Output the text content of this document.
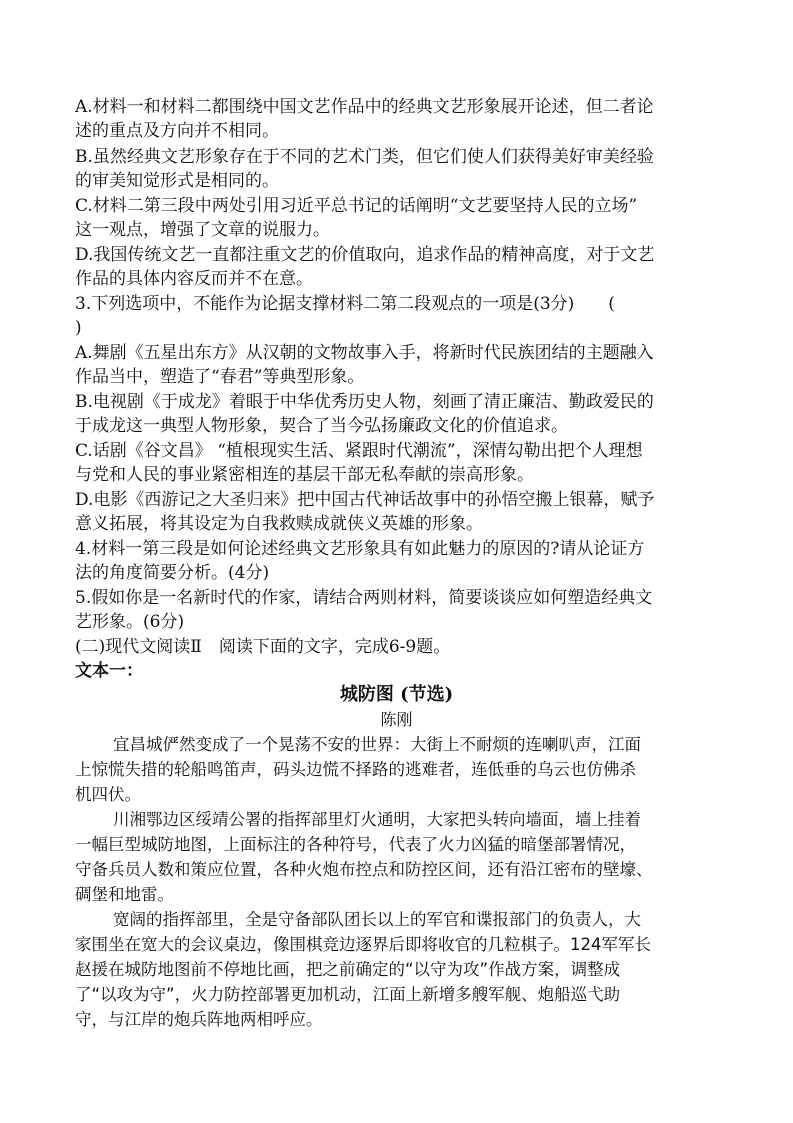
A.材料一和材料二都围绕中国文艺作品中的经典文艺形象展开论述，但二者论
述的重点及方向并不相同。
B.虽然经典文艺形象存在于不同的艺术门类，但它们使人们获得美好审美经验
的审美知觉形式是相同的。
C.材料二第三段中两处引用习近平总书记的话阐明“文艺要坚持人民的立场”
这一观点，增强了文章的说服力。
D.我国传统文艺一直都注重文艺的价值取向，追求作品的精神高度，对于文艺
作品的具体内容反而并不在意。
3.下列选项中，不能作为论据支撑材料二第二段观点的一项是(3分)　　(
)
A.舞剧《五星出东方》从汉朝的文物故事入手，将新时代民族团结的主题融入
作品当中，塑造了“春君”等典型形象。
B.电视剧《于成龙》着眼于中华优秀历史人物，刻画了清正廉洁、勤政爱民的
于成龙这一典型人物形象，契合了当今弘扬廉政文化的价值追求。
C.话剧《谷文昌》 “植根现实生活、紧跟时代潮流”，深情勾勒出把个人理想
与党和人民的事业紧密相连的基层干部无私奉献的崇高形象。
D.电影《西游记之大圣归来》把中国古代神话故事中的孙悟空搬上银幕，赋予
意义拓展，将其设定为自我救赎成就侠义英雄的形象。
4.材料一第三段是如何论述经典文艺形象具有如此魅力的原因的?请从论证方
法的角度简要分析。(4分)
5.假如你是一名新时代的作家，请结合两则材料，简要谈谈应如何塑造经典文
艺形象。(6分)
(二)现代文阅读Ⅱ　阅读下面的文字，完成6-9题。
文本一：
城防图 (节选)
陈刚
宜昌城俨然变成了一个晃荡不安的世界：大街上不耐烦的连喇叭声，江面
上惊慌失措的轮船鸣笛声，码头边慌不择路的逃难者，连低垂的乌云也仿佛杀
机四伏。
川湘鄂边区绥靖公署的指挥部里灯火通明，大家把头转向墙面，墙上挂着
一幅巨型城防地图，上面标注的各种符号，代表了火力凶猛的暗堡部署情况，
守备兵员人数和策应位置，各种火炮布控点和防控区间，还有沿江密布的壁壕、
碉堡和地雷。
宽阔的指挥部里，全是守备部队团长以上的军官和谍报部门的负责人，大
家围坐在宽大的会议桌边，像围棋竞边逐界后即将收官的几粒棋子。124军军长
赵援在城防地图前不停地比画，把之前确定的“以守为攻”作战方案，调整成
了“以攻为守”，火力防控部署更加机动，江面上新增多艘军舰、炮船巡弋助
守，与江岸的炮兵阵地两相呼应。
